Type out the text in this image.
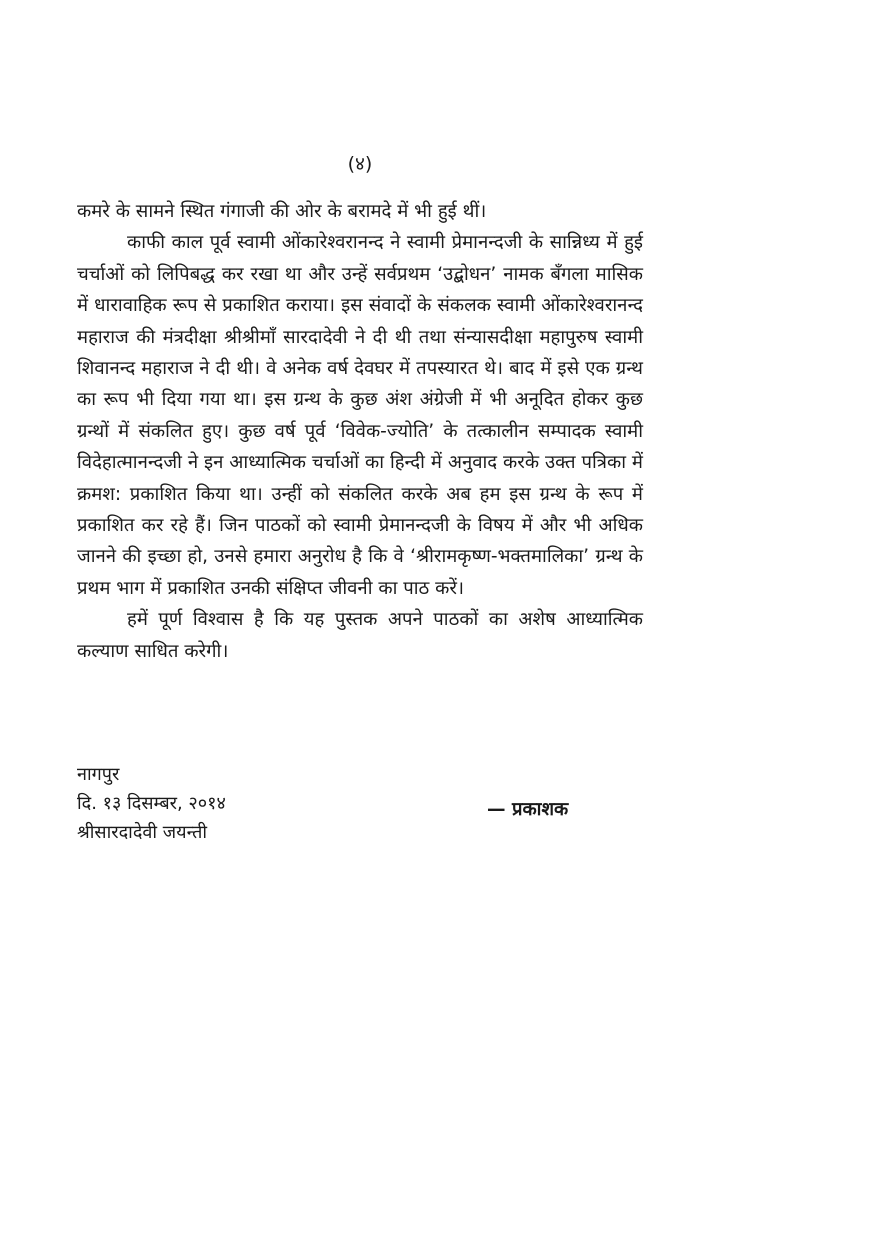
(४)

कमरे के सामने स्थित गंगाजी की ओर के बरामदे में भी हुई थीं।

काफी काल पूर्व स्वामी ओंकारेश्वरानन्द ने स्वामी प्रेमानन्दजी के सान्निध्य में हुई चर्चाओं को लिपिबद्ध कर रखा था और उन्हें सर्वप्रथम ‘उद्बोधन’ नामक बँगला मासिक में धारावाहिक रूप से प्रकाशित कराया। इस संवादों के संकलक स्वामी ओंकारेश्वरानन्द महाराज की मंत्रदीक्षा श्रीश्रीमाँ सारदादेवी ने दी थी तथा संन्यासदीक्षा महापुरुष स्वामी शिवानन्द महाराज ने दी थी। वे अनेक वर्ष देवघर में तपस्यारत थे। बाद में इसे एक ग्रन्थ का रूप भी दिया गया था। इस ग्रन्थ के कुछ अंश अंग्रेजी में भी अनूदित होकर कुछ ग्रन्थों में संकलित हुए। कुछ वर्ष पूर्व ‘विवेक-ज्योति’ के तत्कालीन सम्पादक स्वामी विदेहात्मानन्दजी ने इन आध्यात्मिक चर्चाओं का हिन्दी में अनुवाद करके उक्त पत्रिका में क्रमश: प्रकाशित किया था। उन्हीं को संकलित करके अब हम इस ग्रन्थ के रूप में प्रकाशित कर रहे हैं। जिन पाठकों को स्वामी प्रेमानन्दजी के विषय में और भी अधिक जानने की इच्छा हो, उनसे हमारा अनुरोध है कि वे ‘श्रीरामकृष्ण-भक्तमालिका’ ग्रन्थ के प्रथम भाग में प्रकाशित उनकी संक्षिप्त जीवनी का पाठ करें।

हमें पूर्ण विश्वास है कि यह पुस्तक अपने पाठकों का अशेष आध्यात्मिक कल्याण साधित करेगी।

नागपुर
दि. १३ दिसम्बर, २०१४
श्रीसारदादेवी जयन्ती
— प्रकाशक
